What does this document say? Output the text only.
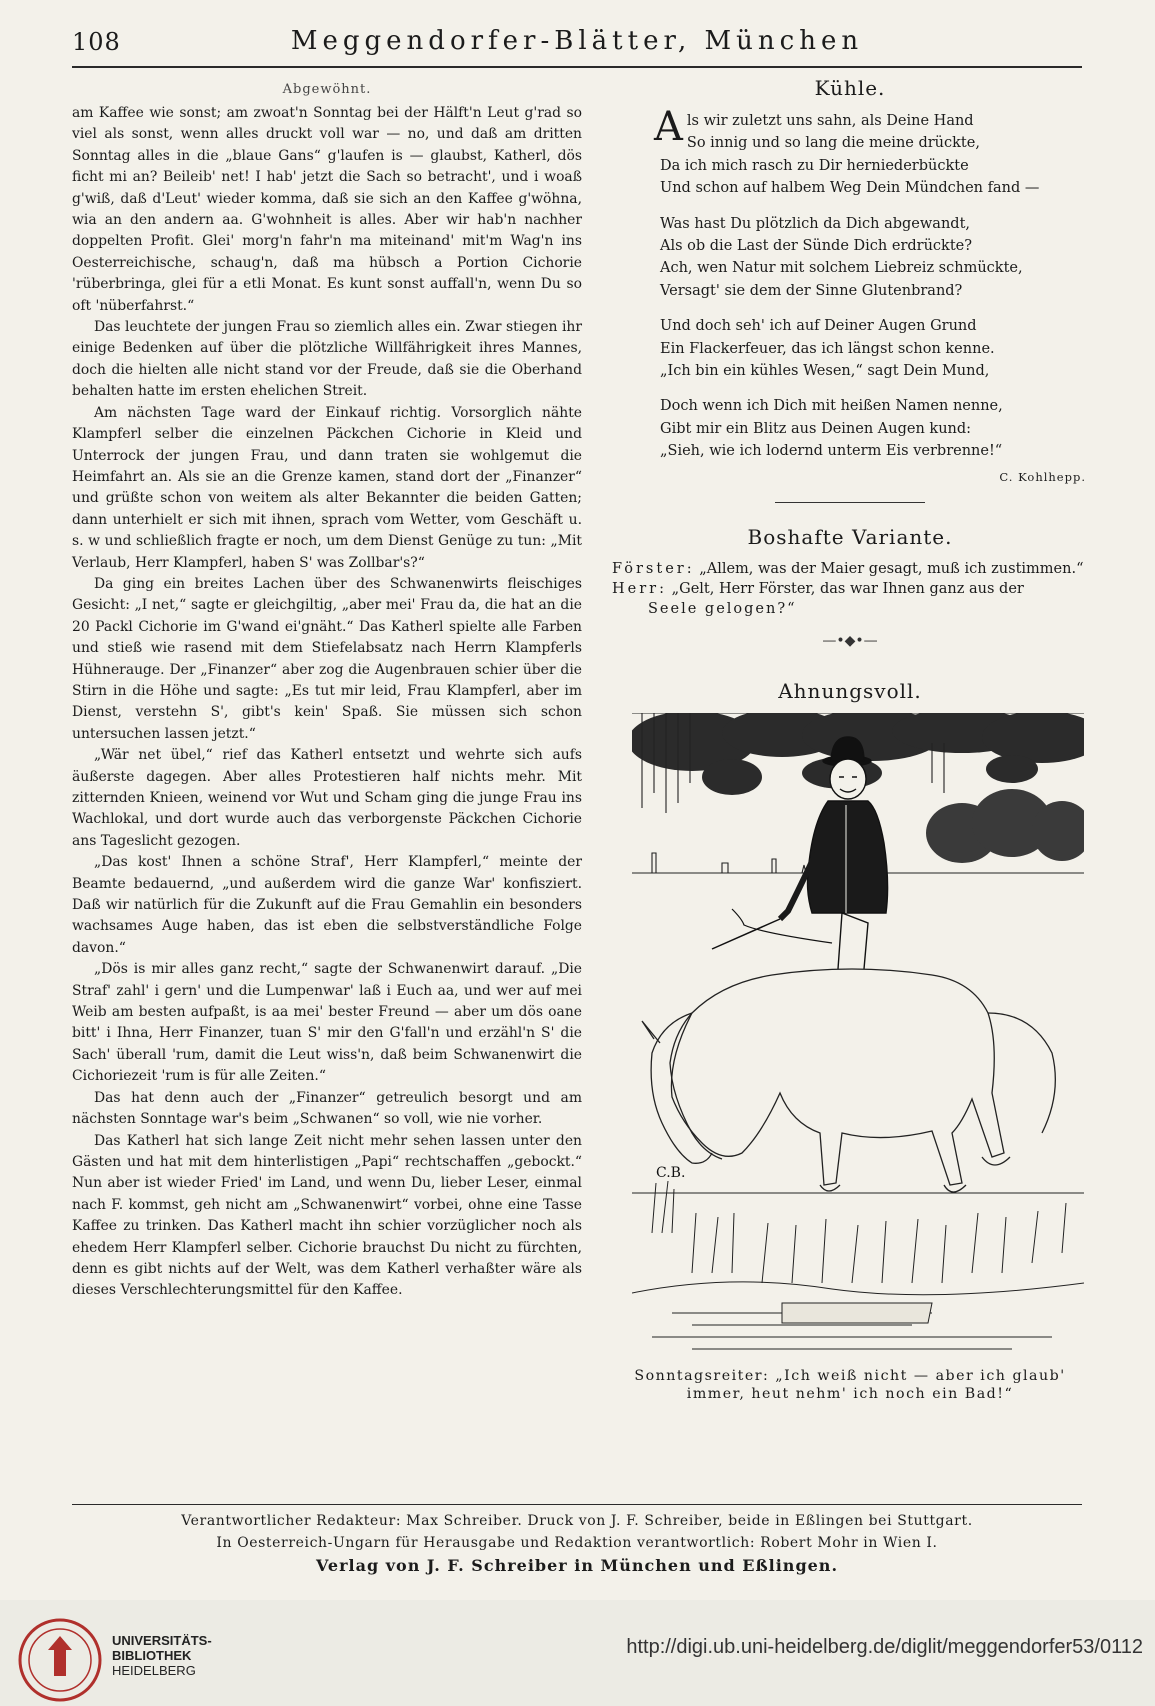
108	Meggendorfer-Blätter, München
Abgewöhnt.

am Kaffee wie sonst; am zwoat'n Sonntag bei der Hälft'n Leut g'rad so viel als sonst, wenn alles druckt voll war — no, und daß am dritten Sonntag alles in die „blaue Gans“ g'laufen is — glaubst, Katherl, dös ficht mi an? Beileib' net! I hab' jetzt die Sach so betracht', und i woaß g'wiß, daß d'Leut' wieder komma, daß sie sich an den Kaffee g'wöhna, wia an den andern aa. G'wohnheit is alles. Aber wir hab'n nachher doppelten Profit. Glei' morg'n fahr'n ma miteinand' mit'm Wag'n ins Oesterreichische, schaug'n, daß ma hübsch a Portion Cichorie 'rüberbringa, glei für a etli Monat. Es kunt sonst auffall'n, wenn Du so oft 'nüberfahrst.“

Das leuchtete der jungen Frau so ziemlich alles ein. Zwar stiegen ihr einige Bedenken auf über die plötzliche Willfährigkeit ihres Mannes, doch die hielten alle nicht stand vor der Freude, daß sie die Oberhand behalten hatte im ersten ehelichen Streit.

Am nächsten Tage ward der Einkauf richtig. Vorsorglich nähte Klampferl selber die einzelnen Päckchen Cichorie in Kleid und Unterrock der jungen Frau, und dann traten sie wohlgemut die Heimfahrt an. Als sie an die Grenze kamen, stand dort der „Finanzer“ und grüßte schon von weitem als alter Bekannter die beiden Gatten; dann unterhielt er sich mit ihnen, sprach vom Wetter, vom Geschäft u. s. w und schließlich fragte er noch, um dem Dienst Genüge zu tun: „Mit Verlaub, Herr Klampferl, haben S' was Zollbar's?“

Da ging ein breites Lachen über des Schwanenwirts fleischiges Gesicht: „I net,“ sagte er gleichgiltig, „aber mei' Frau da, die hat an die 20 Packl Cichorie im G'wand ei'gnäht.“ Das Katherl spielte alle Farben und stieß wie rasend mit dem Stiefelabsatz nach Herrn Klampferls Hühnerauge. Der „Finanzer“ aber zog die Augenbrauen schier über die Stirn in die Höhe und sagte: „Es tut mir leid, Frau Klampferl, aber im Dienst, verstehn S', gibt's kein' Spaß. Sie müssen sich schon untersuchen lassen jetzt.“

„Wär net übel,“ rief das Katherl entsetzt und wehrte sich aufs äußerste dagegen. Aber alles Protestieren half nichts mehr. Mit zitternden Knieen, weinend vor Wut und Scham ging die junge Frau ins Wachlokal, und dort wurde auch das verborgenste Päckchen Cichorie ans Tageslicht gezogen.

„Das kost' Ihnen a schöne Straf', Herr Klampferl,“ meinte der Beamte bedauernd, „und außerdem wird die ganze War' konfisziert. Daß wir natürlich für die Zukunft auf die Frau Gemahlin ein besonders wachsames Auge haben, das ist eben die selbstverständliche Folge davon.“

„Dös is mir alles ganz recht,“ sagte der Schwanenwirt darauf. „Die Straf' zahl' i gern' und die Lumpenwar' laß i Euch aa, und wer auf mei Weib am besten aufpaßt, is aa mei' bester Freund — aber um dös oane bitt' i Ihna, Herr Finanzer, tuan S' mir den G'fall'n und erzähl'n S' die Sach' überall 'rum, damit die Leut wiss'n, daß beim Schwanenwirt die Cichoriezeit 'rum is für alle Zeiten.“

Das hat denn auch der „Finanzer“ getreulich besorgt und am nächsten Sonntage war's beim „Schwanen“ so voll, wie nie vorher.

Das Katherl hat sich lange Zeit nicht mehr sehen lassen unter den Gästen und hat mit dem hinterlistigen „Papi“ rechtschaffen „gebockt.“ Nun aber ist wieder Fried' im Land, und wenn Du, lieber Leser, einmal nach F. kommst, geh nicht am „Schwanenwirt“ vorbei, ohne eine Tasse Kaffee zu trinken. Das Katherl macht ihn schier vorzüglicher noch als ehedem Herr Klampferl selber. Cichorie brauchst Du nicht zu fürchten, denn es gibt nichts auf der Welt, was dem Katherl verhaßter wäre als dieses Verschlechterungsmittel für den Kaffee.

Kühle.
Als wir zuletzt uns sahn, als Deine Hand
So innig und so lang die meine drückte,
Da ich mich rasch zu Dir herniederbückte
Und schon auf halbem Weg Dein Mündchen fand —
Was hast Du plötzlich da Dich abgewandt,
Als ob die Last der Sünde Dich erdrückte?
Ach, wen Natur mit solchem Liebreiz schmückte,
Versagt' sie dem der Sinne Glutenbrand?
Und doch seh' ich auf Deiner Augen Grund
Ein Flackerfeuer, das ich längst schon kenne.
„Ich bin ein kühles Wesen,“ sagt Dein Mund,
Doch wenn ich Dich mit heißen Namen nenne,
Gibt mir ein Blitz aus Deinen Augen kund:
„Sieh, wie ich lodernd unterm Eis verbrenne!“
C. Kohlhepp.
Boshafte Variante.
Förster: „Allem, was der Maier gesagt, muß ich zustimmen.“
Herr: „Gelt, Herr Förster, das war Ihnen ganz aus der
Seele gelogen?“
—•◆•—
Ahnungsvoll.
C.B.
Sonntagsreiter: „Ich weiß nicht — aber ich glaub'
immer, heut nehm' ich noch ein Bad!“
Verantwortlicher Redakteur: Max Schreiber. Druck von J. F. Schreiber, beide in Eßlingen bei Stuttgart.
In Oesterreich-Ungarn für Herausgabe und Redaktion verantwortlich: Robert Mohr in Wien I.
Verlag von J. F. Schreiber in München und Eßlingen.
UNIVERSITÄTS-
BIBLIOTHEK
HEIDELBERG
http://digi.ub.uni-heidelberg.de/diglit/meggendorfer53/0112
